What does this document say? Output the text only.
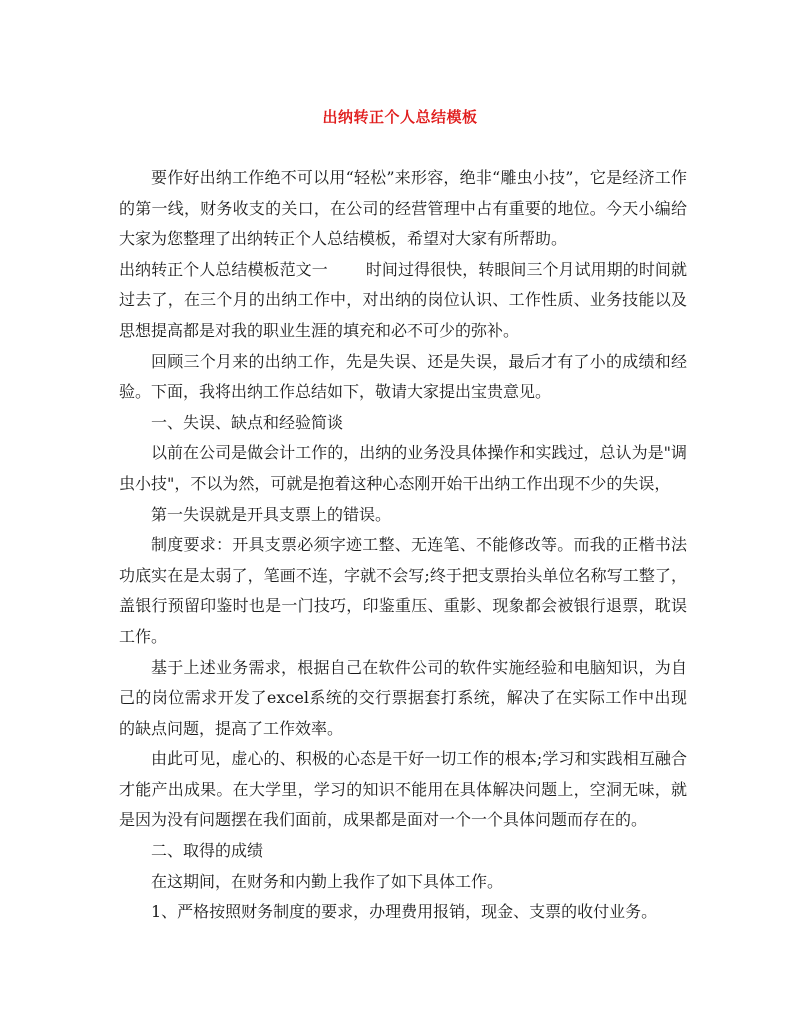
出纳转正个人总结模板

要作好出纳工作绝不可以用“轻松”来形容，绝非“雕虫小技”，它是经济工作的第一线，财务收支的关口，在公司的经营管理中占有重要的地位。今天小编给大家为您整理了出纳转正个人总结模板，希望对大家有所帮助。

出纳转正个人总结模板范文一 时间过得很快，转眼间三个月试用期的时间就过去了，在三个月的出纳工作中，对出纳的岗位认识、工作性质、业务技能以及思想提高都是对我的职业生涯的填充和必不可少的弥补。

回顾三个月来的出纳工作，先是失误、还是失误，最后才有了小的成绩和经验。下面，我将出纳工作总结如下，敬请大家提出宝贵意见。

一、失误、缺点和经验简谈

以前在公司是做会计工作的，出纳的业务没具体操作和实践过，总认为是"调虫小技"，不以为然，可就是抱着这种心态刚开始干出纳工作出现不少的失误，

第一失误就是开具支票上的错误。

制度要求：开具支票必须字迹工整、无连笔、不能修改等。而我的正楷书法功底实在是太弱了，笔画不连，字就不会写;终于把支票抬头单位名称写工整了，盖银行预留印鉴时也是一门技巧，印鉴重压、重影、现象都会被银行退票，耽误工作。

基于上述业务需求，根据自己在软件公司的软件实施经验和电脑知识，为自己的岗位需求开发了excel系统的交行票据套打系统，解决了在实际工作中出现的缺点问题，提高了工作效率。

由此可见，虚心的、积极的心态是干好一切工作的根本;学习和实践相互融合才能产出成果。在大学里，学习的知识不能用在具体解决问题上，空洞无味，就是因为没有问题摆在我们面前，成果都是面对一个一个具体问题而存在的。

二、取得的成绩

在这期间，在财务和内勤上我作了如下具体工作。

1、严格按照财务制度的要求，办理费用报销，现金、支票的收付业务。
